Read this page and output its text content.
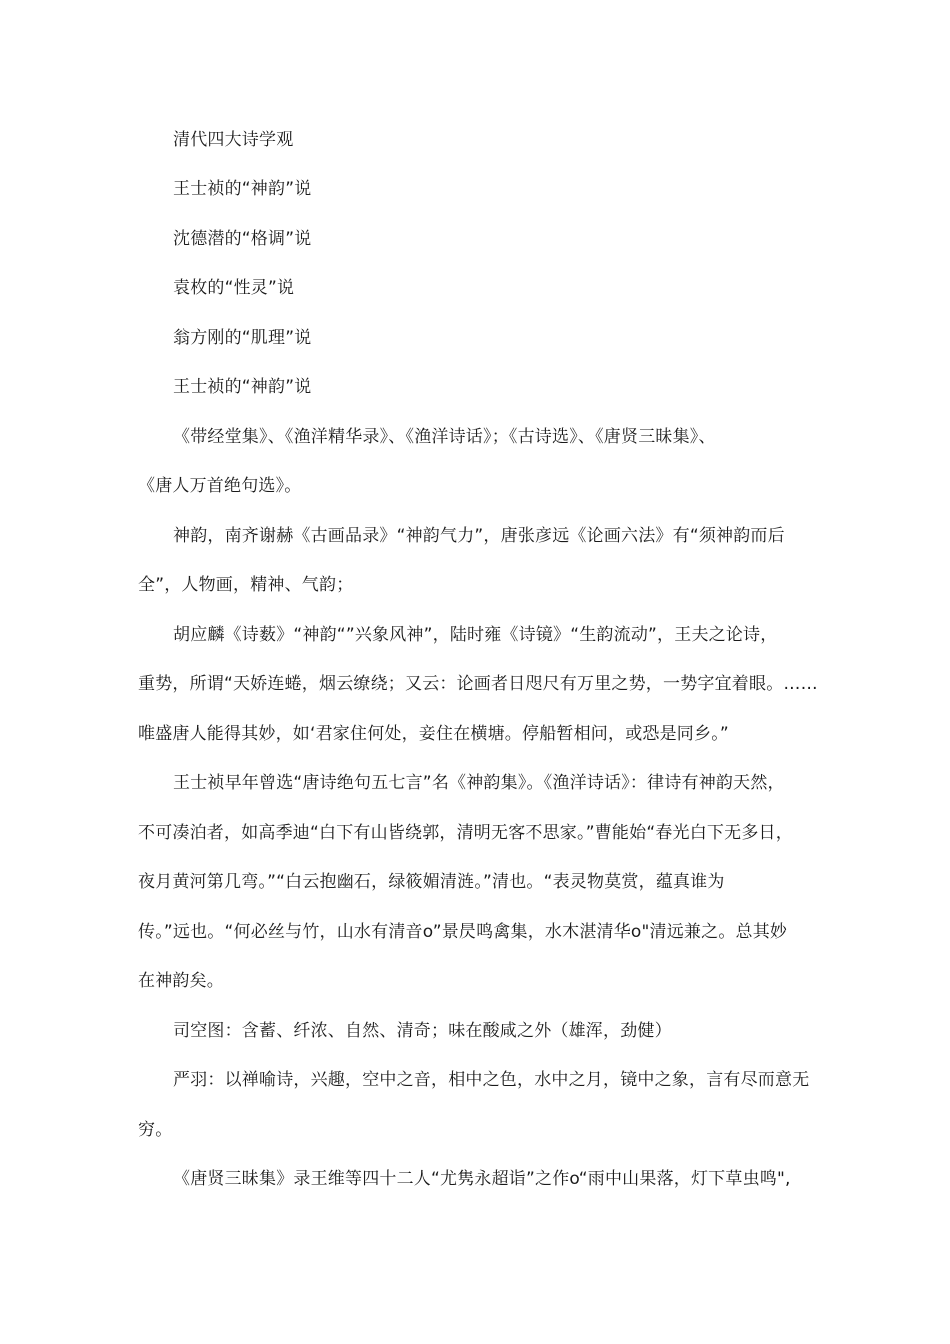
清代四大诗学观
王士祯的“神韵”说
沈德潜的“格调”说
袁枚的“性灵”说
翁方刚的“肌理”说
王士祯的“神韵”说
《带经堂集》、《渔洋精华录》、《渔洋诗话》；《古诗选》、《唐贤三昧集》、
《唐人万首绝句选》。
神韵，南齐谢赫《古画品录》“神韵气力”，唐张彦远《论画六法》有“须神韵而后
全”，人物画，精神、气韵；
胡应麟《诗薮》“神韵“”兴象风神”，陆时雍《诗镜》“生韵流动”，王夫之论诗，
重势，所谓“天娇连蜷，烟云缭绕；又云：论画者日咫尺有万里之势，一势字宜着眼。……
唯盛唐人能得其妙，如‘君家住何处，妾住在横塘。停船暂相问，或恐是同乡。”
王士祯早年曾选“唐诗绝句五七言”名《神韵集》。《渔洋诗话》：律诗有神韵天然，
不可凑泊者，如高季迪“白下有山皆绕郭，清明无客不思家。”曹能始“春光白下无多日，
夜月黄河第几弯。”“白云抱幽石，绿筱媚清涟。”清也。“表灵物莫赏，蕴真谁为
传。”远也。“何必丝与竹，山水有清音o”景昃鸣禽集，水木湛清华o"清远兼之。总其妙
在神韵矣。
司空图：含蓄、纤浓、自然、清奇；味在酸咸之外（雄浑，劲健）
严羽：以禅喻诗，兴趣，空中之音，相中之色，水中之月，镜中之象，言有尽而意无
穷。
《唐贤三昧集》录王维等四十二人“尤隽永超诣”之作o“雨中山果落，灯下草虫鸣",
